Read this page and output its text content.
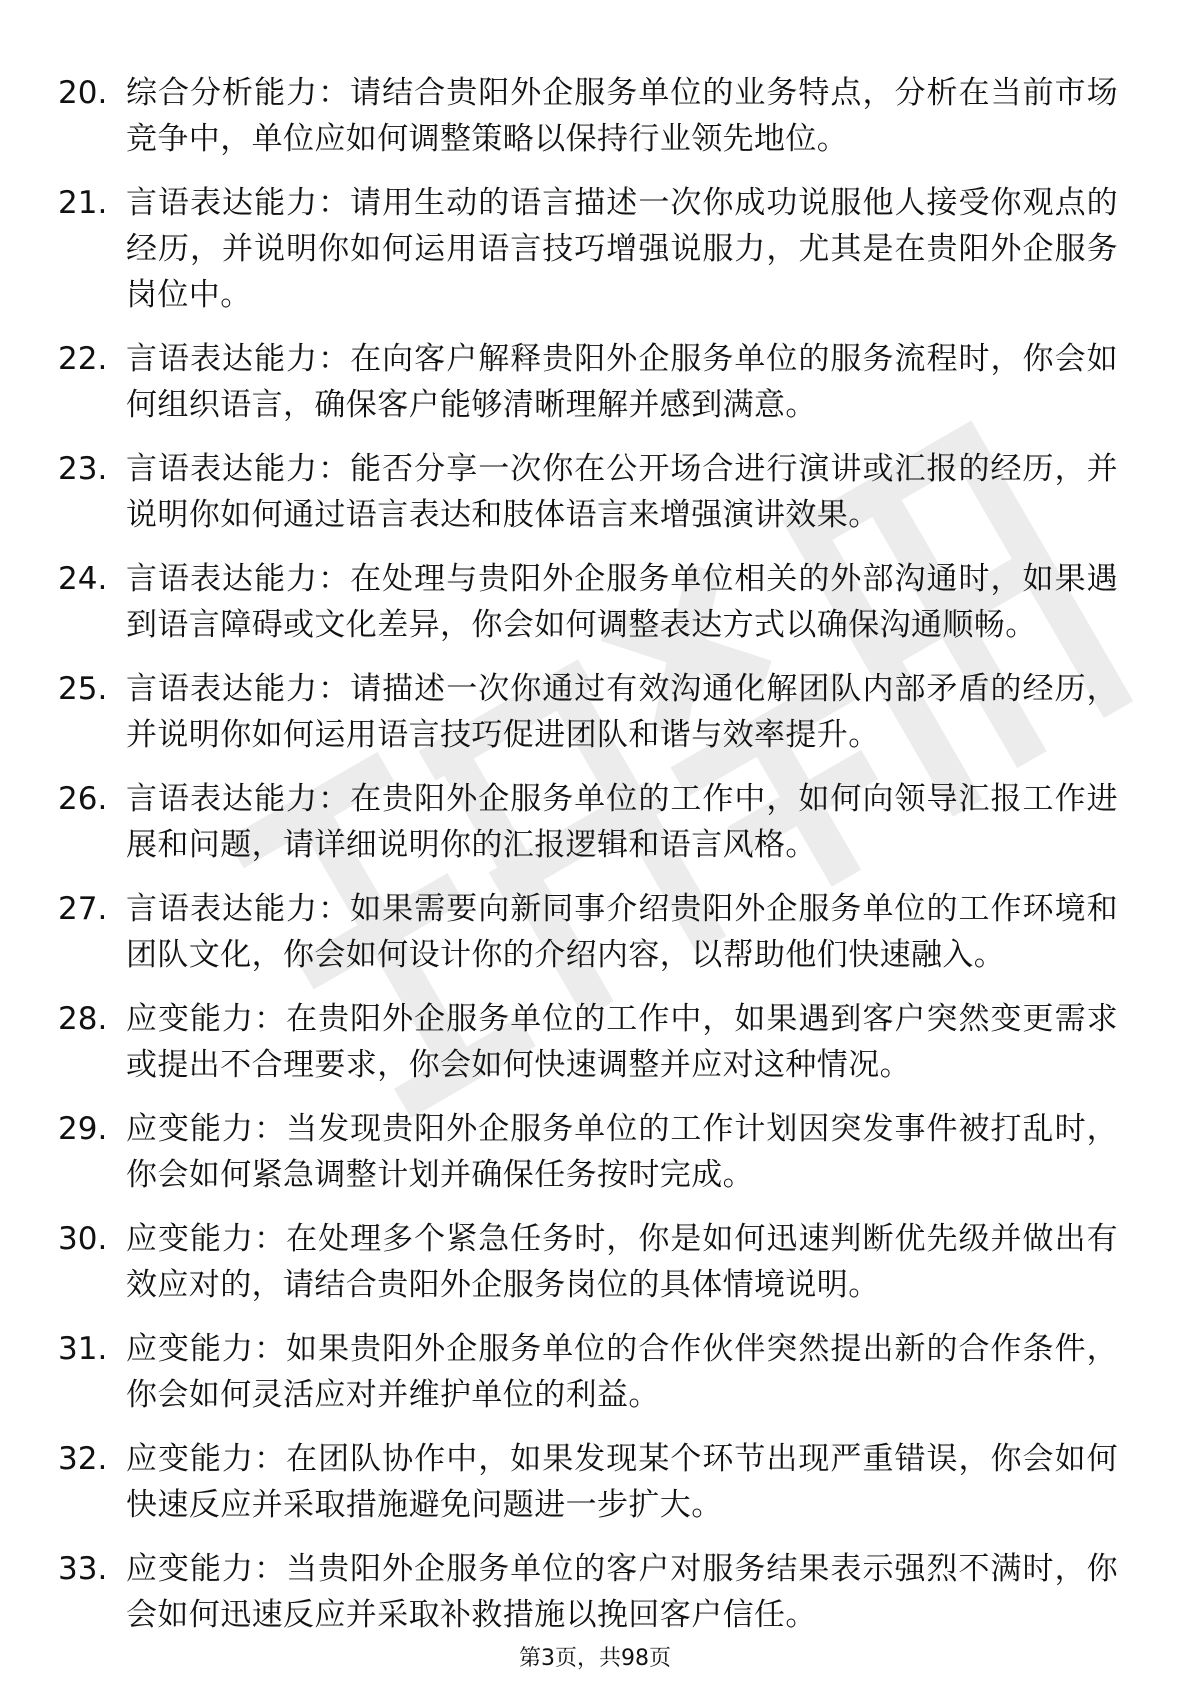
20. 综合分析能力：请结合贵阳外企服务单位的业务特点，分析在当前市场竞争中，单位应如何调整策略以保持行业领先地位。
21. 言语表达能力：请用生动的语言描述一次你成功说服他人接受你观点的经历，并说明你如何运用语言技巧增强说服力，尤其是在贵阳外企服务岗位中。
22. 言语表达能力：在向客户解释贵阳外企服务单位的服务流程时，你会如何组织语言，确保客户能够清晰理解并感到满意。
23. 言语表达能力：能否分享一次你在公开场合进行演讲或汇报的经历，并说明你如何通过语言表达和肢体语言来增强演讲效果。
24. 言语表达能力：在处理与贵阳外企服务单位相关的外部沟通时，如果遇到语言障碍或文化差异，你会如何调整表达方式以确保沟通顺畅。
25. 言语表达能力：请描述一次你通过有效沟通化解团队内部矛盾的经历，并说明你如何运用语言技巧促进团队和谐与效率提升。
26. 言语表达能力：在贵阳外企服务单位的工作中，如何向领导汇报工作进展和问题，请详细说明你的汇报逻辑和语言风格。
27. 言语表达能力：如果需要向新同事介绍贵阳外企服务单位的工作环境和团队文化，你会如何设计你的介绍内容，以帮助他们快速融入。
28. 应变能力：在贵阳外企服务单位的工作中，如果遇到客户突然变更需求或提出不合理要求，你会如何快速调整并应对这种情况。
29. 应变能力：当发现贵阳外企服务单位的工作计划因突发事件被打乱时，你会如何紧急调整计划并确保任务按时完成。
30. 应变能力：在处理多个紧急任务时，你是如何迅速判断优先级并做出有效应对的，请结合贵阳外企服务岗位的具体情境说明。
31. 应变能力：如果贵阳外企服务单位的合作伙伴突然提出新的合作条件，你会如何灵活应对并维护单位的利益。
32. 应变能力：在团队协作中，如果发现某个环节出现严重错误，你会如何快速反应并采取措施避免问题进一步扩大。
33. 应变能力：当贵阳外企服务单位的客户对服务结果表示强烈不满时，你会如何迅速反应并采取补救措施以挽回客户信任。
第3页，共98页
